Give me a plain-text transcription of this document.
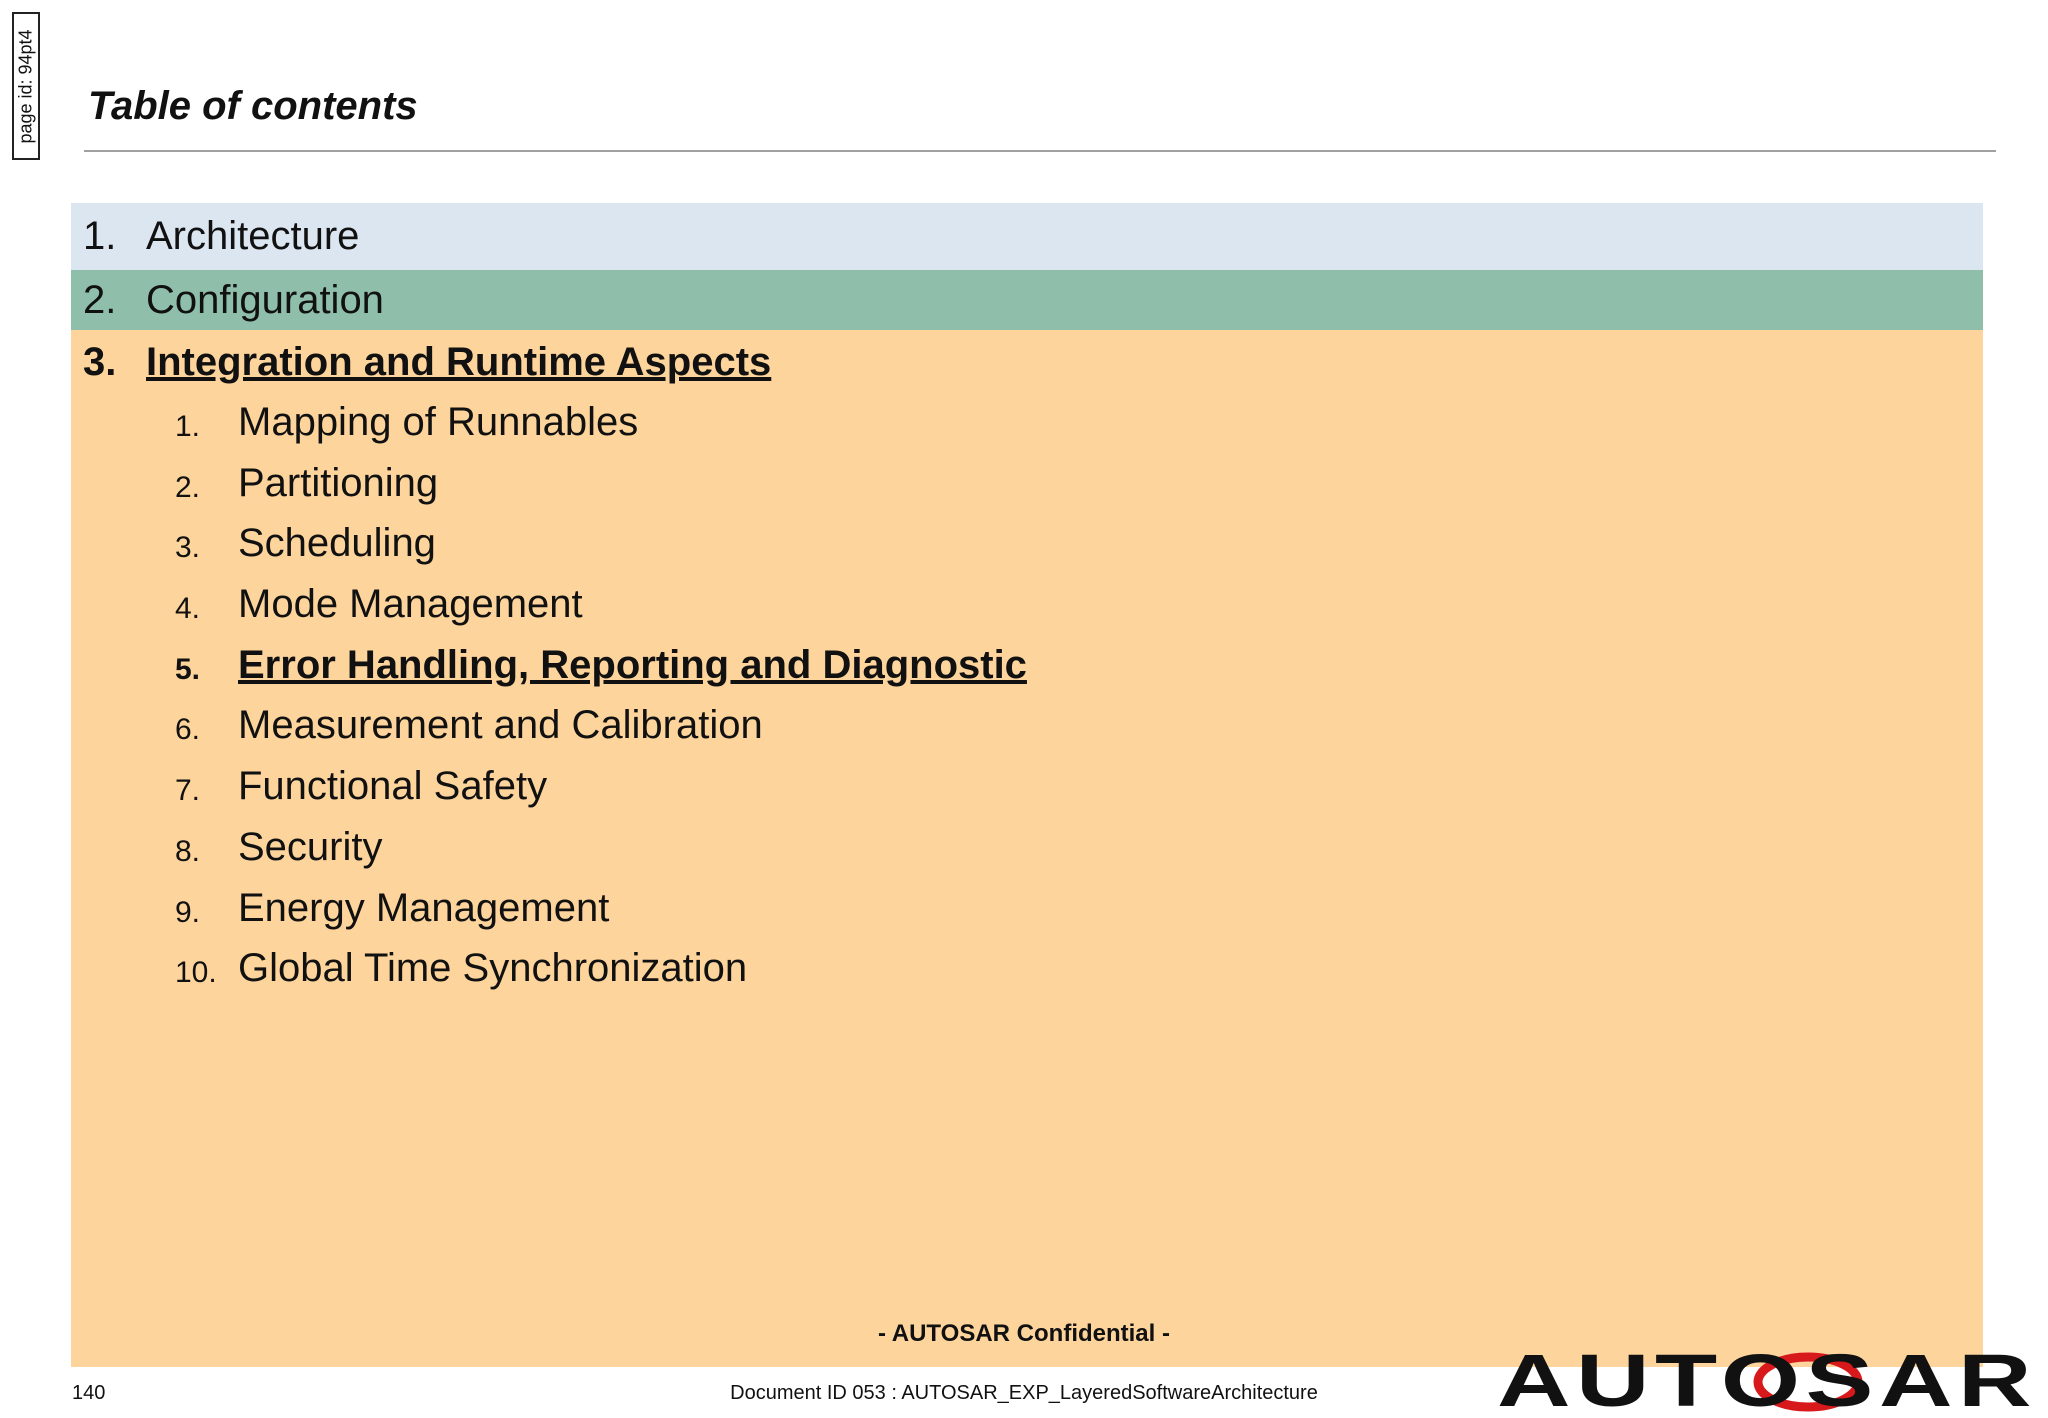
page id: 94pt4 Table of contents
1. Architecture
2. Configuration
3. Integration and Runtime Aspects
1. Mapping of Runnables
2. Partitioning
3. Scheduling
4. Mode Management
5. Error Handling, Reporting and Diagnostic
6. Measurement and Calibration
7. Functional Safety
8. Security
9. Energy Management
10. Global Time Synchronization
- AUTOSAR Confidential -
140	Document ID 053 : AUTOSAR_EXP_LayeredSoftwareArchitecture	AUTOSAR
